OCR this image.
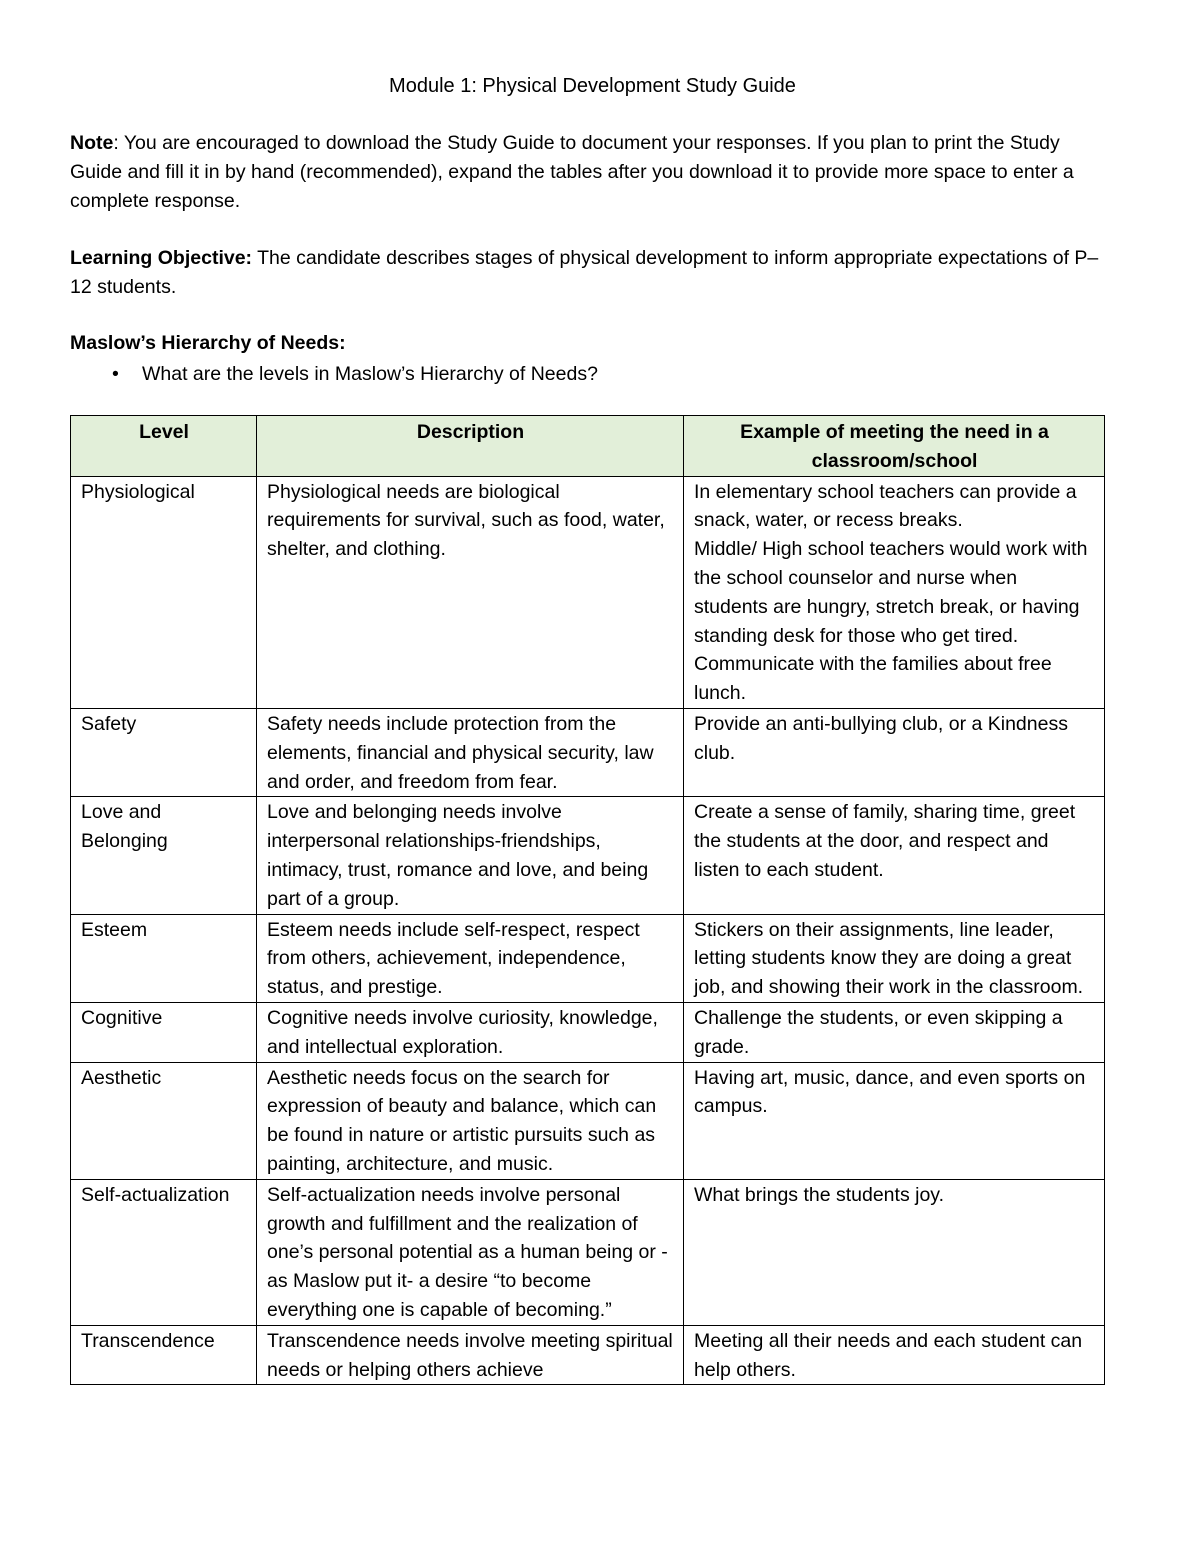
Module 1: Physical Development Study Guide
Note: You are encouraged to download the Study Guide to document your responses. If you plan to print the Study Guide and fill it in by hand (recommended), expand the tables after you download it to provide more space to enter a complete response.
Learning Objective: The candidate describes stages of physical development to inform appropriate expectations of P–12 students.
Maslow’s Hierarchy of Needs:
•	What are the levels in Maslow’s Hierarchy of Needs?
Level	Description	Example of meeting the need in a classroom/school
Physiological	Physiological needs are biological requirements for survival, such as food, water, shelter, and clothing.	In elementary school teachers can provide a snack, water, or recess breaks.
Middle/ High school teachers would work with the school counselor and nurse when students are hungry, stretch break, or having standing desk for those who get tired.
Communicate with the families about free lunch.

Safety	Safety needs include protection from the elements, financial and physical security, law and order, and freedom from fear.	Provide an anti-bullying club, or a Kindness club.

Love and Belonging	Love and belonging needs involve interpersonal relationships-friendships, intimacy, trust, romance and love, and being part of a group.	Create a sense of family, sharing time, greet the students at the door, and respect and listen to each student.

Esteem	Esteem needs include self-respect, respect from others, achievement, independence, status, and prestige.	Stickers on their assignments, line leader, letting students know they are doing a great job, and showing their work in the classroom.

Cognitive	Cognitive needs involve curiosity, knowledge, and intellectual exploration.	Challenge the students, or even skipping a grade.

Aesthetic	Aesthetic needs focus on the search for expression of beauty and balance, which can be found in nature or artistic pursuits such as painting, architecture, and music.	Having art, music, dance, and even sports on campus.

Self-actualization	Self-actualization needs involve personal growth and fulfillment and the realization of one’s personal potential as a human being or -as Maslow put it- a desire “to become everything one is capable of becoming.”	What brings the students joy.

Transcendence	Transcendence needs involve meeting spiritual needs or helping others achieve	Meeting all their needs and each student can help others.
